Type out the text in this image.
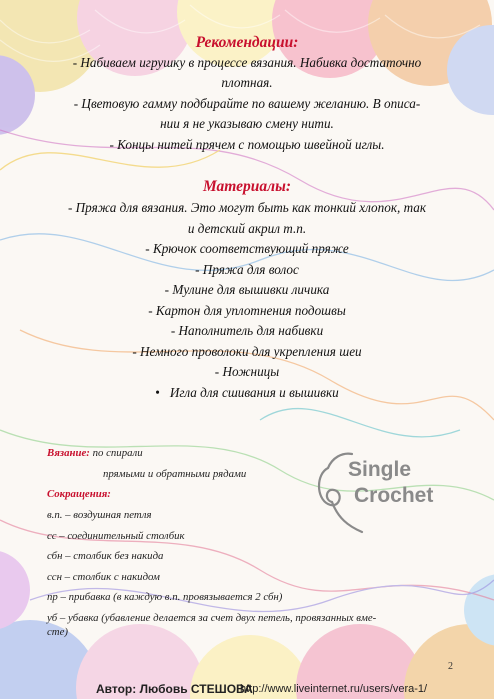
Рекомендации:
- Набиваем игрушку в процессе вязания. Набивка достаточно
плотная.
- Цветовую гамму подбирайте по вашему желанию. В описа-
нии я не указываю смену нити.
- Концы нитей прячем с помощью швейной иглы.
Материалы:
- Пряжа для вязания. Это могут быть как тонкий хлопок, так
и детский акрил т.п.
- Крючок соответствующий пряже
- Пряжа для волос
- Мулине для вышивки личика
- Картон для уплотнения подошвы
- Наполнитель для набивки
- Немного проволоки для укрепления шеи
- Ножницы
• Игла для сшивания и вышивки
Вязание: по спирали
прямыми и обратными рядами
Сокращения:
в.п. – воздушная петля
сс – соединительный столбик
сбн – столбик без накида
ссн – столбик с накидом
пр – прибавка (в каждую в.п. провязывается 2 сбн)
уб – убавка (убавление делается за счет двух петель, провязанных вме-
сте)
Single
Crochet
2
Автор: Любовь СТЕШОВА
http://www.liveinternet.ru/users/vera-1/
